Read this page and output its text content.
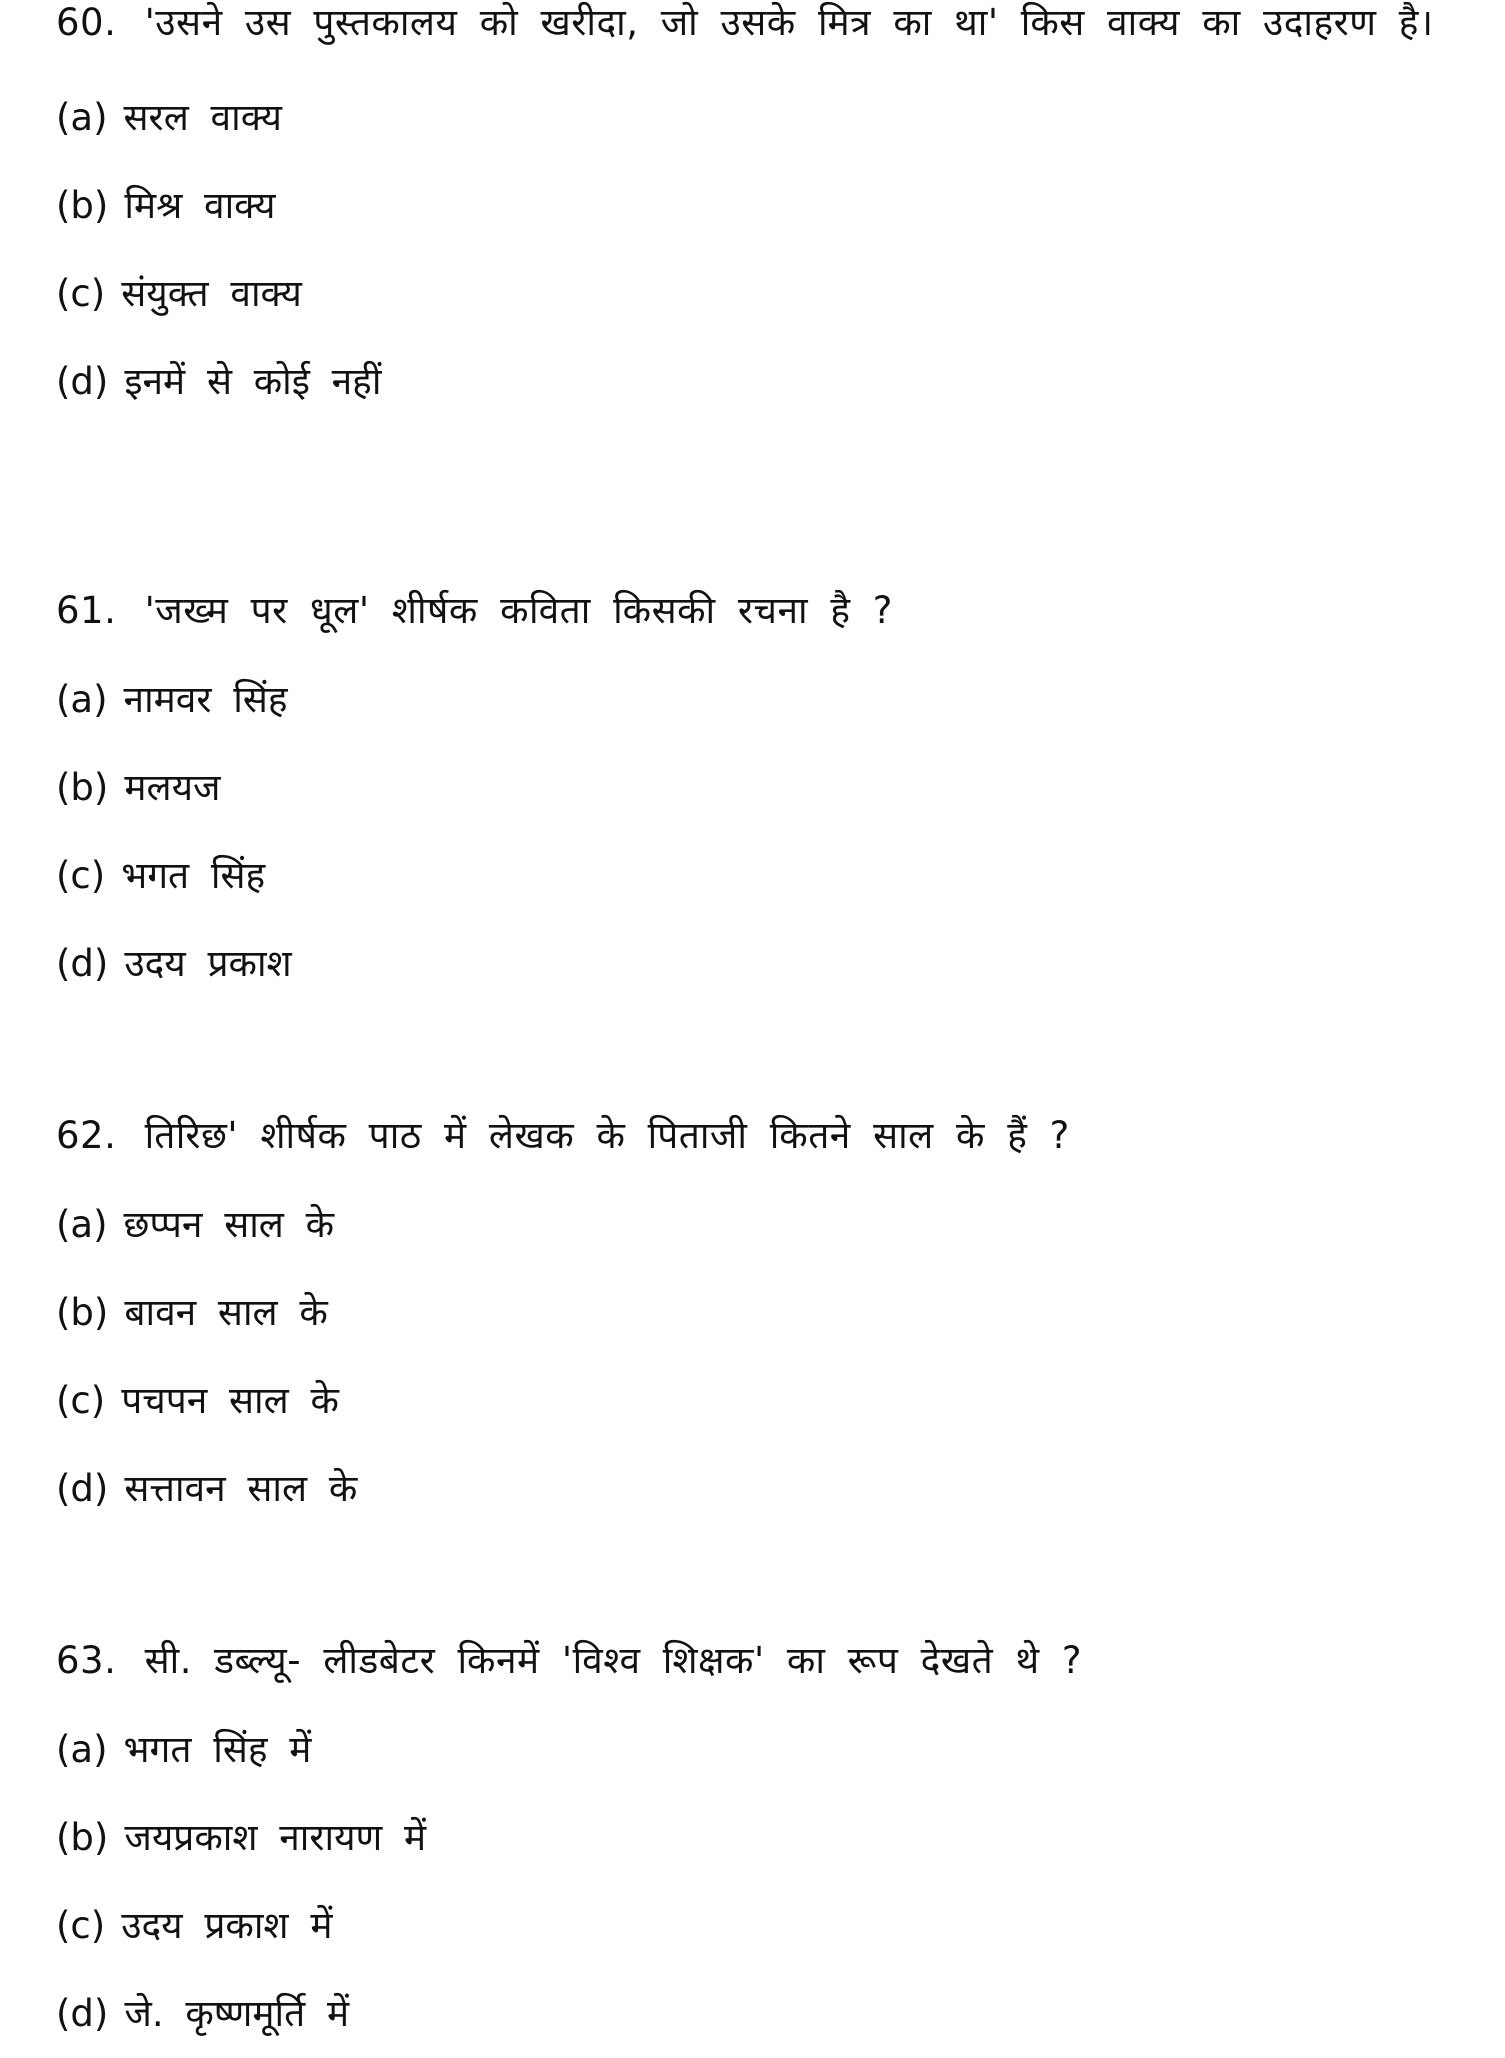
60. 'उसने उस पुस्तकालय को खरीदा, जो उसके मित्र का था' किस वाक्य का उदाहरण है।

(a) सरल वाक्य
(b) मिश्र वाक्य
(c) संयुक्त वाक्य
(d) इनमें से कोई नहीं

61. 'जख्म पर धूल' शीर्षक कविता किसकी रचना है ?

(a) नामवर सिंह
(b) मलयज
(c) भगत सिंह
(d) उदय प्रकाश

62. तिरिछ' शीर्षक पाठ में लेखक के पिताजी कितने साल के हैं ?

(a) छप्पन साल के
(b) बावन साल के
(c) पचपन साल के
(d) सत्तावन साल के

63. सी. डब्ल्यू- लीडबेटर किनमें 'विश्व शिक्षक' का रूप देखते थे ?

(a) भगत सिंह में
(b) जयप्रकाश नारायण में
(c) उदय प्रकाश में
(d) जे. कृष्णमूर्ति में
